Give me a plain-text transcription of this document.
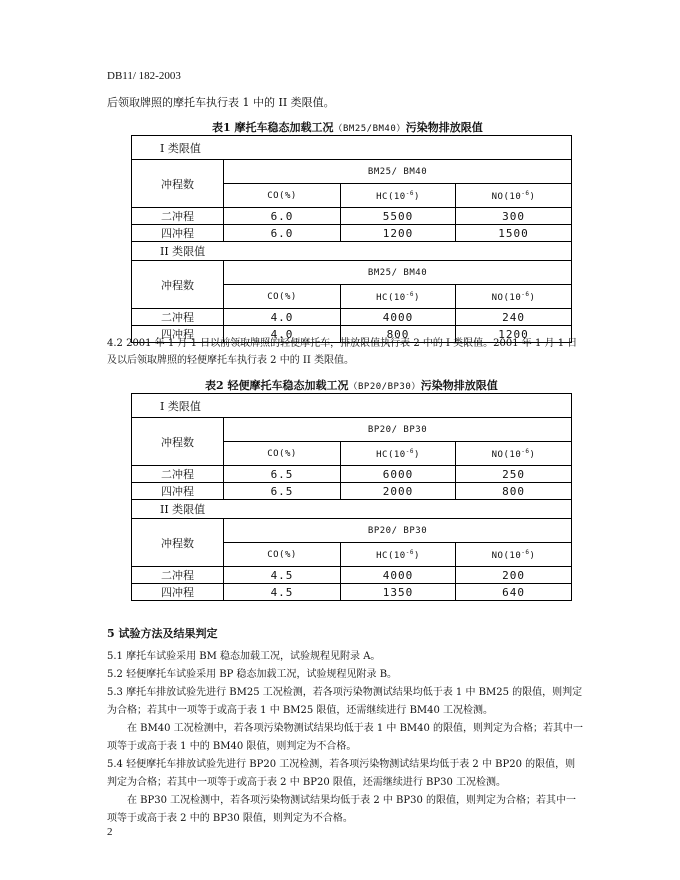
DB11/ 182-2003
后领取牌照的摩托车执行表 1 中的 II 类限值。
表1 摩托车稳态加载工况（BM25/BM40）污染物排放限值
I 类限值			
冲程数	BM25/ BM40		
	CO(%)	$HC(10^{-6})$	$NO(10^{-6})$
二冲程	6.0	5500	300
四冲程	6.0	1200	1500
II 类限值			
冲程数	BM25/ BM40		
	CO(%)	$HC(10^{-6})$	$NO(10^{-6})$
二冲程	4.0	4000	240
四冲程	4.0	800	1200
4.2 2001 年 1 月 1 日以前领取牌照的轻便摩托车，排放限值执行表 2 中的 I 类限值。2001 年 1 月 1 日
及以后领取牌照的轻便摩托车执行表 2 中的 II 类限值。
表2 轻便摩托车稳态加载工况（BP20/BP30）污染物排放限值
I 类限值			
冲程数	BP20/ BP30		
	CO(%)	$HC(10^{-6})$	$NO(10^{-6})$
二冲程	6.5	6000	250
四冲程	6.5	2000	800
II 类限值			
冲程数	BP20/ BP30		
	CO(%)	$HC(10^{-6})$	$NO(10^{-6})$
二冲程	4.5	4000	200
四冲程	4.5	1350	640
5 试验方法及结果判定
5.1 摩托车试验采用 BM 稳态加载工况，试验规程见附录 A。
5.2 轻便摩托车试验采用 BP 稳态加载工况，试验规程见附录 B。
5.3 摩托车排放试验先进行 BM25 工况检测，若各项污染物测试结果均低于表 1 中 BM25 的限值，则判定
为合格；若其中一项等于或高于表 1 中 BM25 限值，还需继续进行 BM40 工况检测。
在 BM40 工况检测中，若各项污染物测试结果均低于表 1 中 BM40 的限值，则判定为合格；若其中一
项等于或高于表 1 中的 BM40 限值，则判定为不合格。
5.4 轻便摩托车排放试验先进行 BP20 工况检测，若各项污染物测试结果均低于表 2 中 BP20 的限值，则
判定为合格；若其中一项等于或高于表 2 中 BP20 限值，还需继续进行 BP30 工况检测。
在 BP30 工况检测中，若各项污染物测试结果均低于表 2 中 BP30 的限值，则判定为合格；若其中一
项等于或高于表 2 中的 BP30 限值，则判定为不合格。
2
